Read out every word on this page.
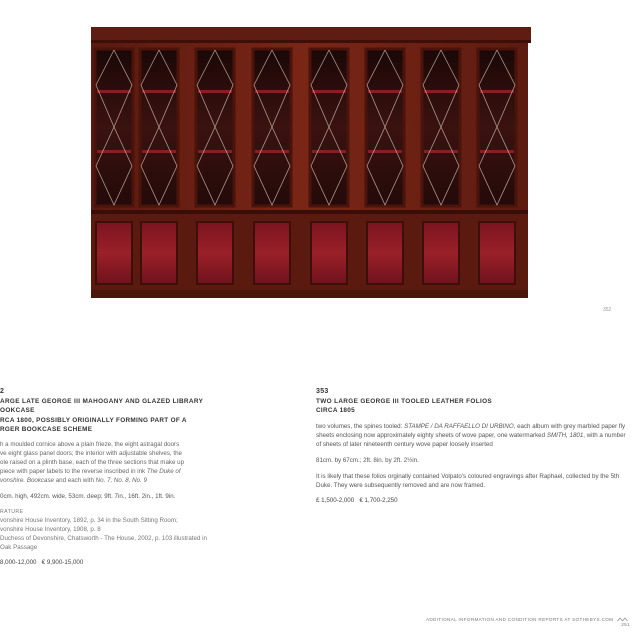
352
2
ARGE LATE GEORGE III MAHOGANY AND GLAZED LIBRARY
OOKCASE
RCA 1800, POSSIBLY ORIGINALLY FORMING PART OF A
RGER BOOKCASE SCHEME
h a moulded cornice above a plain frieze, the eight astragal doors
ve eight glass panel doors; the interior with adjustable shelves, the
ole raised on a plinth base, each of the three sections that make up
piece with paper labels to the reverse inscribed in ink The Duke of
vonshire. Bookcase and each with No. 7, No. 8, No. 9
0cm. high, 492cm. wide, 53cm. deep; 9ft. 7in., 16ft. 2in., 1ft. 9in.
RATURE
vonshire House Inventory, 1892, p. 34 in the South Sitting Room;
vonshire House Inventory, 1908, p. 8
Duchess of Devonshire, Chatsworth - The House, 2002, p. 103 illustrated in
Oak Passage
8,000-12,000 € 9,900-15,000
353
TWO LARGE GEORGE III TOOLED LEATHER FOLIOS
CIRCA 1805
two volumes, the spines tooled: STAMPE / DA RAFFAELLO DI URBINO, each album with grey marbled paper fly sheets enclosing now approximately eighty sheets of wove paper, one watermarked SMITH, 1801, with a number of sheets of later nineteenth century wove paper loosely inserted
81cm. by 67cm.; 2ft. 8in. by 2ft. 2½in.
It is likely that these folios orginally contained Volpato's coloured engravings after Raphael, collected by the 5th Duke. They were subsequently removed and are now framed.
£ 1,500-2,000 € 1,700-2,250
ADDITIONAL INFORMATION AND CONDITION REPORTS AT SOTHEBYS.COM  251
